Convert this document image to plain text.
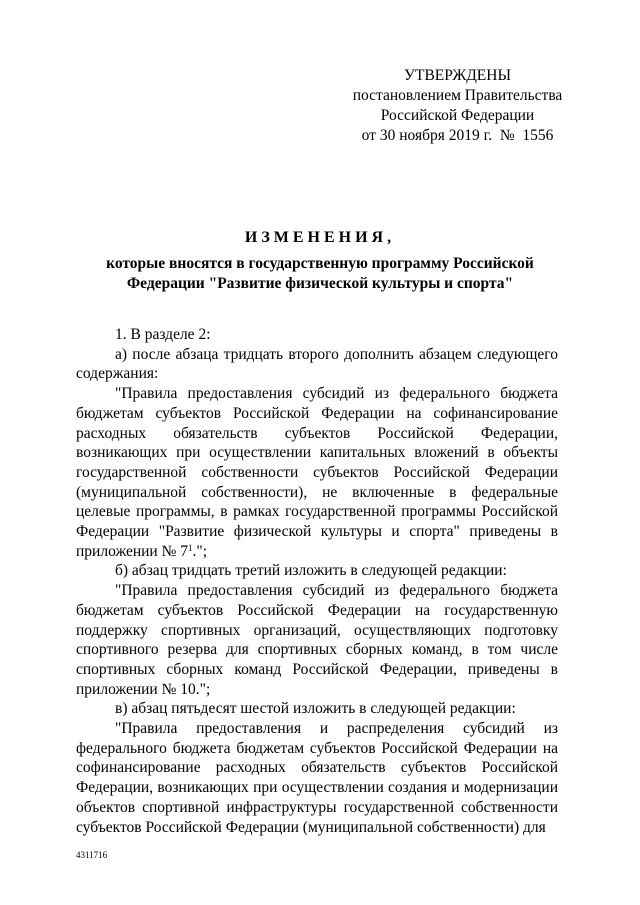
УТВЕРЖДЕНЫ
постановлением Правительства
Российской Федерации
от 30 ноября 2019 г.  №  1556
ИЗМЕНЕНИЯ,
которые вносятся в государственную программу Российской
Федерации "Развитие физической культуры и спорта"

1. В разделе 2:

а) после абзаца тридцать второго дополнить абзацем следующего содержания:

"Правила предоставления субсидий из федерального бюджета бюджетам субъектов Российской Федерации на софинансирование расходных обязательств субъектов Российской Федерации, возникающих при осуществлении капитальных вложений в объекты государственной собственности субъектов Российской Федерации (муниципальной собственности), не включенные в федеральные целевые программы, в рамках государственной программы Российской Федерации "Развитие физической культуры и спорта" приведены в приложении № $7^1$.";

б) абзац тридцать третий изложить в следующей редакции:

"Правила предоставления субсидий из федерального бюджета бюджетам субъектов Российской Федерации на государственную поддержку спортивных организаций, осуществляющих подготовку спортивного резерва для спортивных сборных команд, в том числе спортивных сборных команд Российской Федерации, приведены в приложении № 10.";

в) абзац пятьдесят шестой изложить в следующей редакции:

"Правила предоставления и распределения субсидий из федерального бюджета бюджетам субъектов Российской Федерации на софинансирование расходных обязательств субъектов Российской Федерации, возникающих при осуществлении создания и модернизации объектов спортивной инфраструктуры государственной собственности субъектов Российской Федерации (муниципальной собственности) для

4311716
